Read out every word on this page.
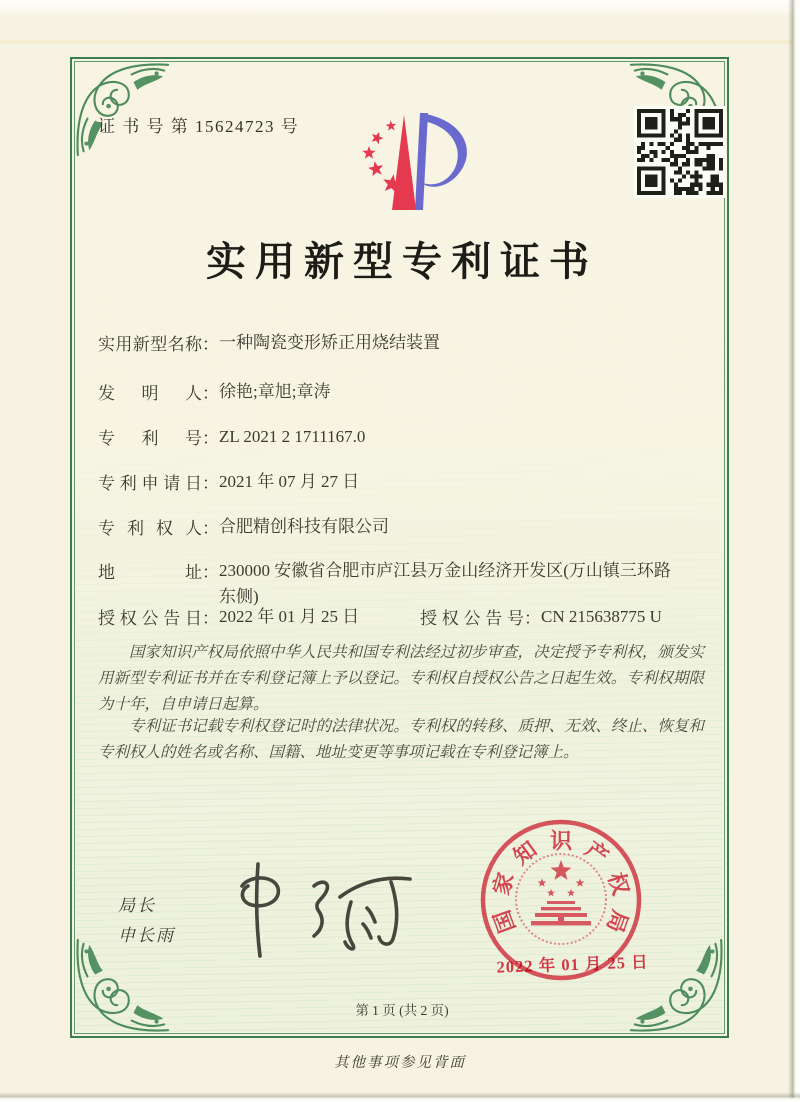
证 书 号 第 15624723 号
实用新型专利证书
实用新型名称 ： 一种陶瓷变形矫正用烧结装置
发明人 ： 徐艳;章旭;章涛
专利号 ： ZL 2021 2 1711167.0
专利申请日 ： 2021 年 07 月 27 日
专利权人 ： 合肥精创科技有限公司
地址 ： 230000 安徽省合肥市庐江县万金山经济开发区(万山镇三环路东侧)
授权公告日 ： 2022 年 01 月 25 日	授权公告号 ： CN 215638775 U
国家知识产权局依照中华人民共和国专利法经过初步审查，决定授予专利权，颁发实用新型专利证书并在专利登记簿上予以登记。专利权自授权公告之日起生效。专利权期限为十年，自申请日起算。
专利证书记载专利权登记时的法律状况。专利权的转移、质押、无效、终止、恢复和专利权人的姓名或名称、国籍、地址变更等事项记载在专利登记簿上。
局长
申长雨	国
家
知 识 产
权
局
2022 年 01 月 25 日
第 1 页 (共 2 页)
其他事项参见背面
